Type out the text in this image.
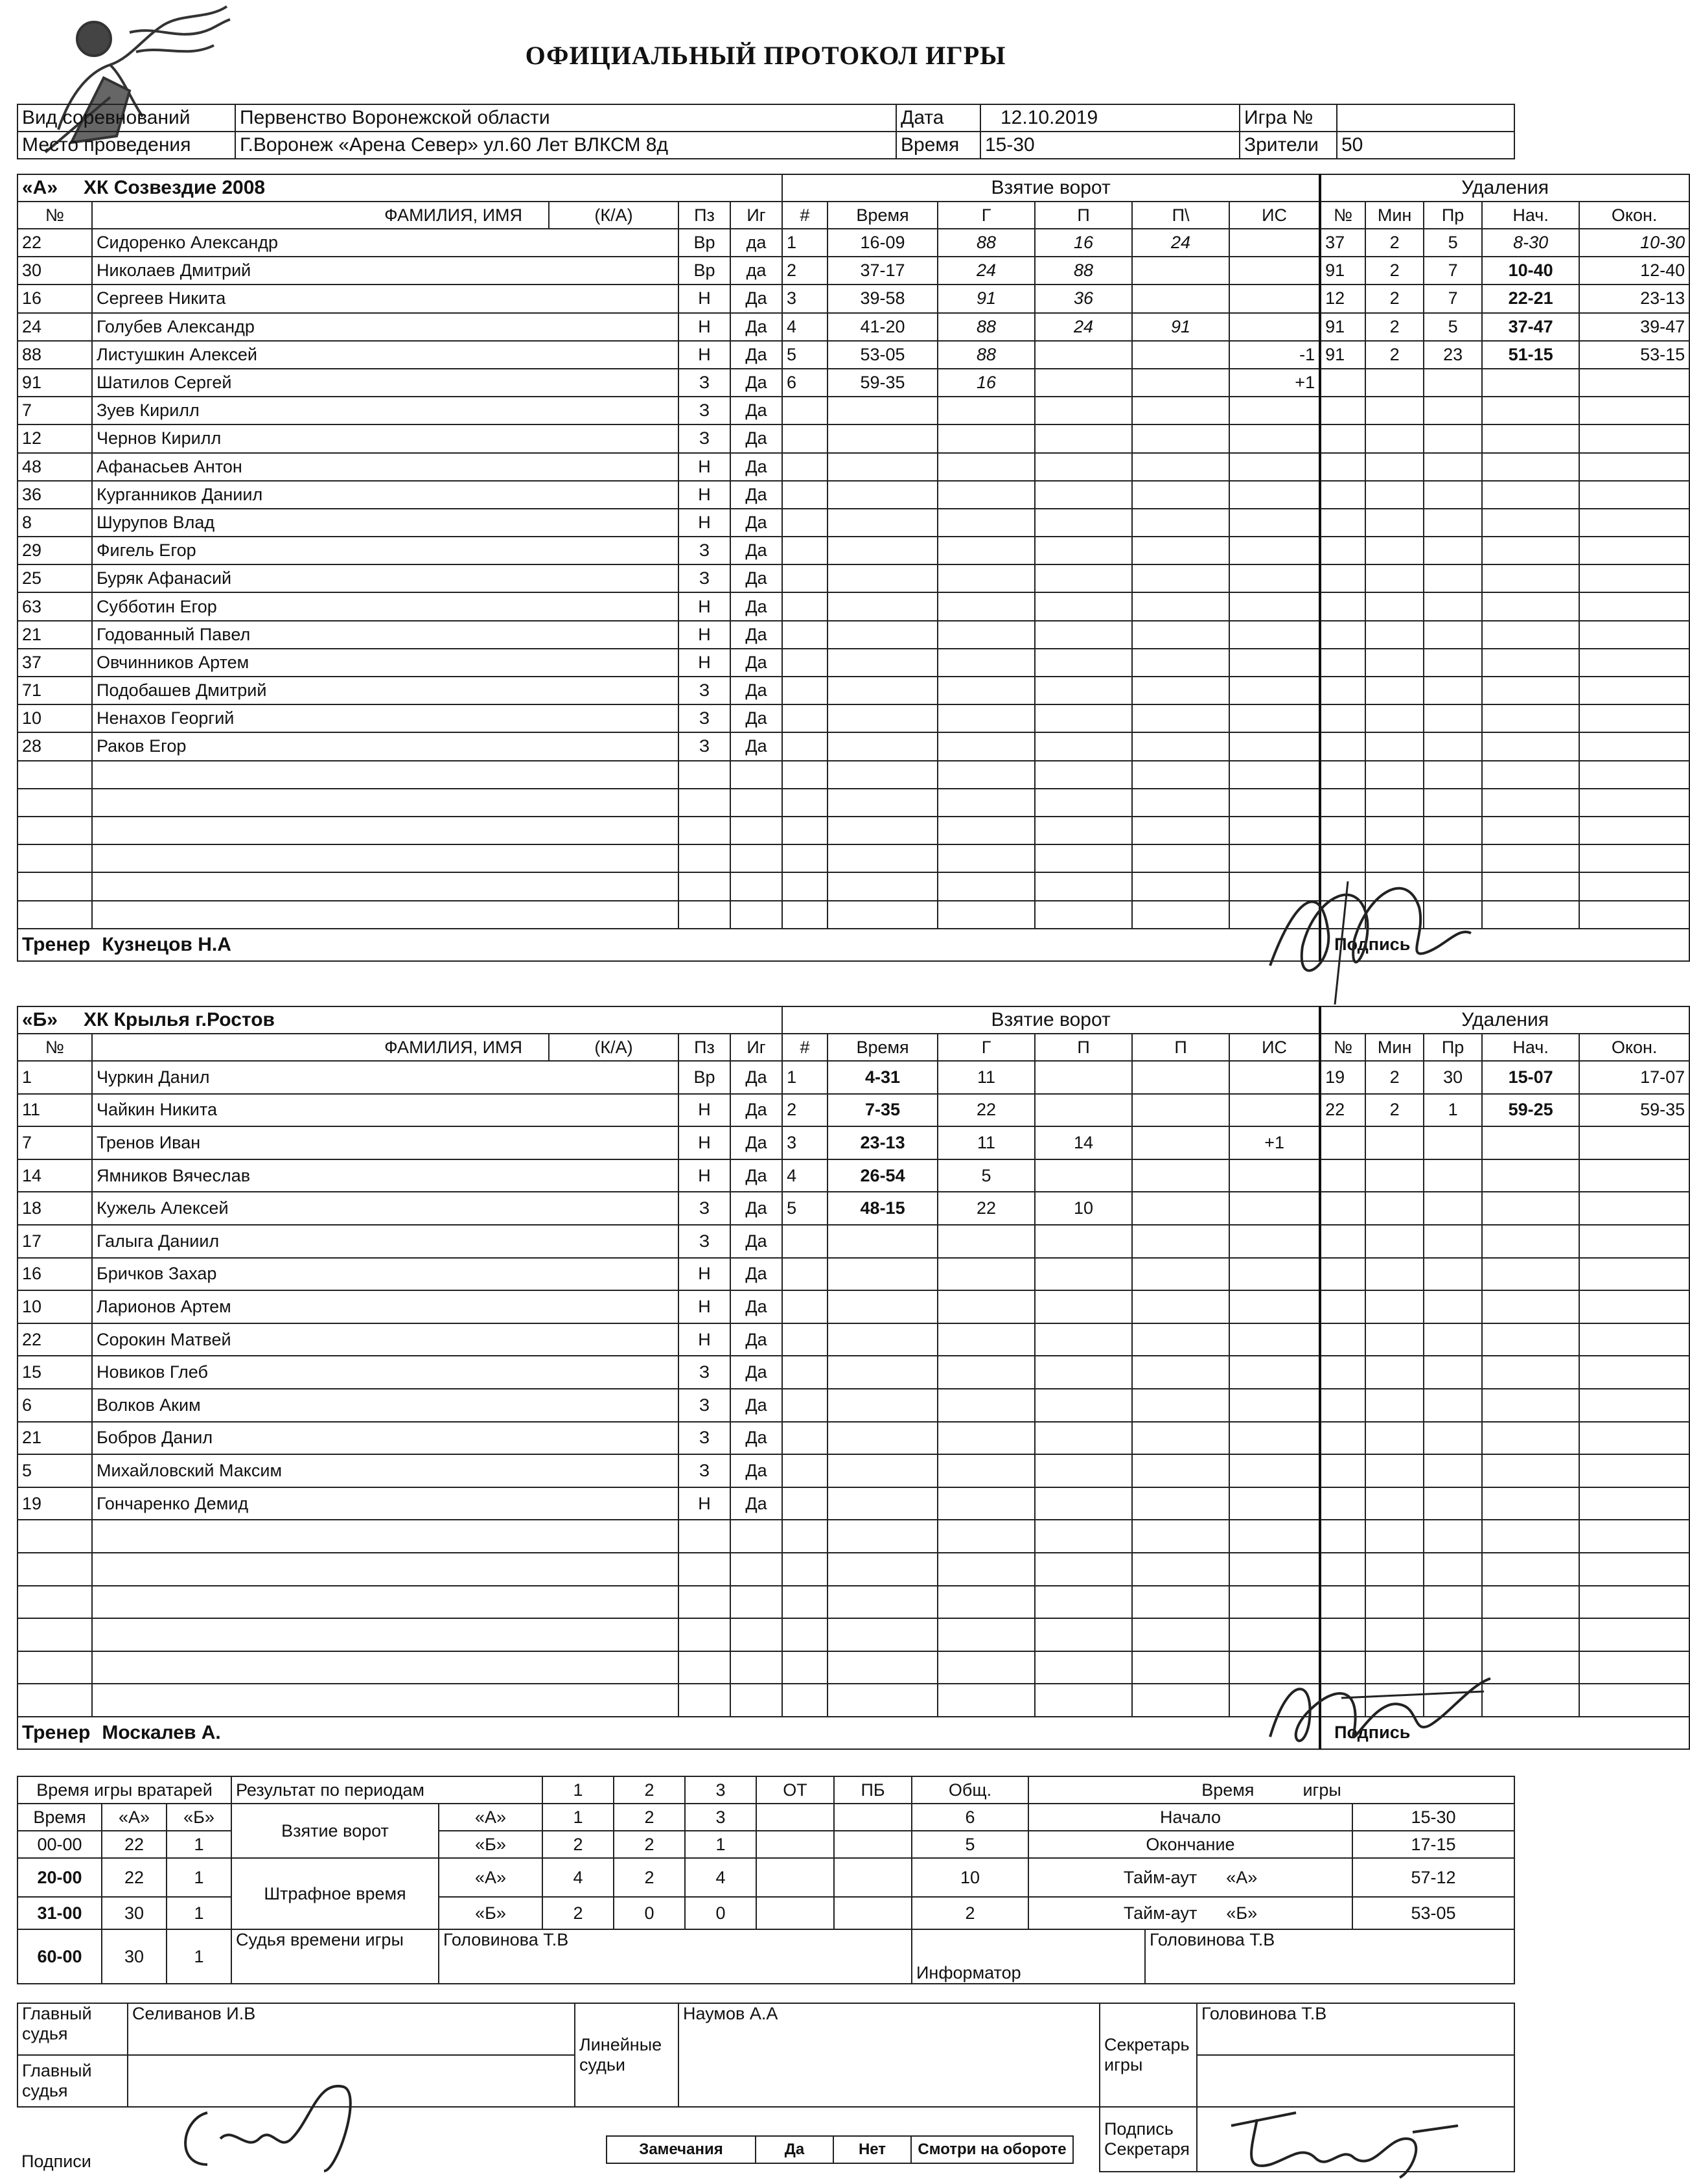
ОФИЦИАЛЬНЫЙ ПРОТОКОЛ ИГРЫ
Вид соревнований	Первенство Воронежской области	Дата	12.10.2019	Игра №	
Место проведения	Г.Воронеж «Арена Север» ул.60 Лет ВЛКСМ 8д	Время	15-30	Зрители	50
«А» ХК Созвездие 2008					Взятие ворот						Удаления				
№	ФАМИЛИЯ, ИМЯ	(К/А)	Пз	Иг	#	Время	Г	П	П\	ИС	№	Мин	Пр	Нач.	Окон.
22	Сидоренко Александр		Вр	да	1	16-09	88	16	24		37	2	5	8-30	10-30
30	Николаев Дмитрий		Вр	да	2	37-17	24	88			91	2	7	10-40	12-40
16	Сергеев Никита		Н	Да	3	39-58	91	36			12	2	7	22-21	23-13
24	Голубев Александр		Н	Да	4	41-20	88	24	91		91	2	5	37-47	39-47
88	Листушкин Алексей		Н	Да	5	53-05	88			-1	91	2	23	51-15	53-15
91	Шатилов Сергей		З	Да	6	59-35	16			+1					
7	Зуев Кирилл		З	Да											
12	Чернов Кирилл		З	Да											
48	Афанасьев Антон		Н	Да											
36	Курганников Даниил		Н	Да											
8	Шурупов Влад		Н	Да											
29	Фигель Егор		З	Да											
25	Буряк Афанасий		З	Да											
63	Субботин Егор		Н	Да											
21	Годованный Павел		Н	Да											
37	Овчинников Артем		Н	Да											
71	Подобашев Дмитрий		З	Да											
10	Ненахов Георгий		З	Да											
28	Раков Егор		З	Да											

Тренер Кузнецов Н.А											Подпись				
«Б» ХК Крылья г.Ростов					Взятие ворот						Удаления				
№	ФАМИЛИЯ, ИМЯ	(К/А)	Пз	Иг	#	Время	Г	П	П	ИС	№	Мин	Пр	Нач.	Окон.
1	Чуркин Данил		Вр	Да	1	4-31	11				19	2	30	15-07	17-07
11	Чайкин Никита		Н	Да	2	7-35	22				22	2	1	59-25	59-35
7	Тренов Иван		Н	Да	3	23-13	11	14		+1					
14	Ямников Вячеслав		Н	Да	4	26-54	5								
18	Кужель Алексей		З	Да	5	48-15	22	10							
17	Галыга Даниил		З	Да											
16	Бричков Захар		Н	Да											
10	Ларионов Артем		Н	Да											
22	Сорокин Матвей		Н	Да											
15	Новиков Глеб		З	Да											
6	Волков Аким		З	Да											
21	Бобров Данил		З	Да											
5	Михайловский Максим		З	Да											
19	Гончаренко Демид		Н	Да											

Тренер Москалев А.											Подпись				
Время игры вратарей			Результат по периодам		1	2	3	ОТ	ПБ	Общ.	Время          игры		
Время	«А»	«Б»	Взятие ворот	«А»	1	2	3			6	Начало		15-30
00-00	22	1		«Б»	2	2	1			5	Окончание		17-15
20-00	22	1	Штрафное время	«А»	4	2	4			10	Тайм-аут      «А»		57-12
31-00	30	1		«Б»	2	0	0			2	Тайм-аут      «Б»		53-05
60-00	30	1	Судья времени игры	Головинова Т.В						Информатор		Головинова Т.В	
Главный судья	Селиванов И.В	Линейные судьи	Наумов А.А	Секретарь игры	Головинова Т.В
Главный судья					
Подписи				Подпись Секретаря	
Замечания	Да	Нет	Смотри на обороте
